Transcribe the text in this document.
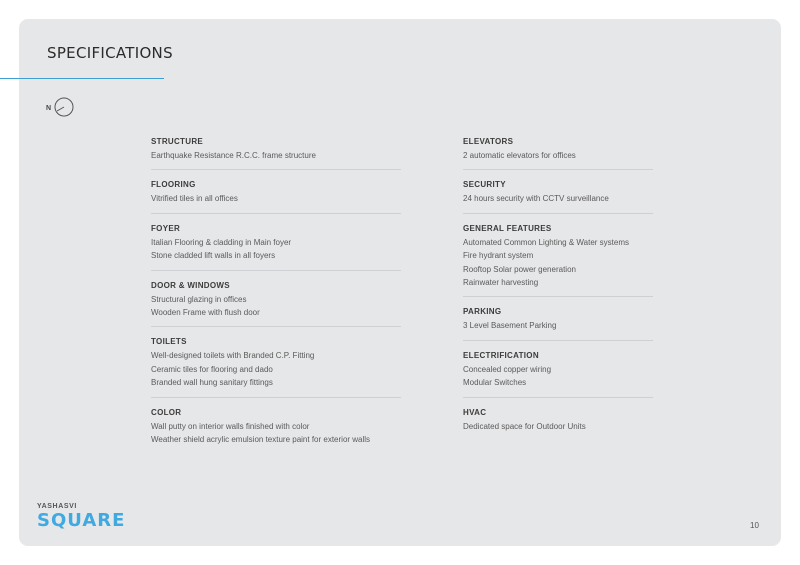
SPECIFICATIONS
N
STRUCTURE
Earthquake Resistance R.C.C. frame structure
FLOORING
Vitrified tiles in all offices
FOYER
Italian Flooring & cladding in Main foyer
Stone cladded lift walls in all foyers
DOOR & WINDOWS
Structural glazing in offices
Wooden Frame with flush door
TOILETS
Well-designed toilets with Branded C.P. Fitting
Ceramic tiles for flooring and dado
Branded wall hung sanitary fittings
COLOR
Wall putty on interior walls finished with color
Weather shield acrylic emulsion texture paint for exterior walls
ELEVATORS
2 automatic elevators for offices
SECURITY
24 hours security with CCTV surveillance
GENERAL FEATURES
Automated Common Lighting & Water systems
Fire hydrant system
Rooftop Solar power generation
Rainwater harvesting
PARKING
3 Level Basement Parking
ELECTRIFICATION
Concealed copper wiring
Modular Switches
HVAC
Dedicated space for Outdoor Units
YASHASVI
SQUARE	10
